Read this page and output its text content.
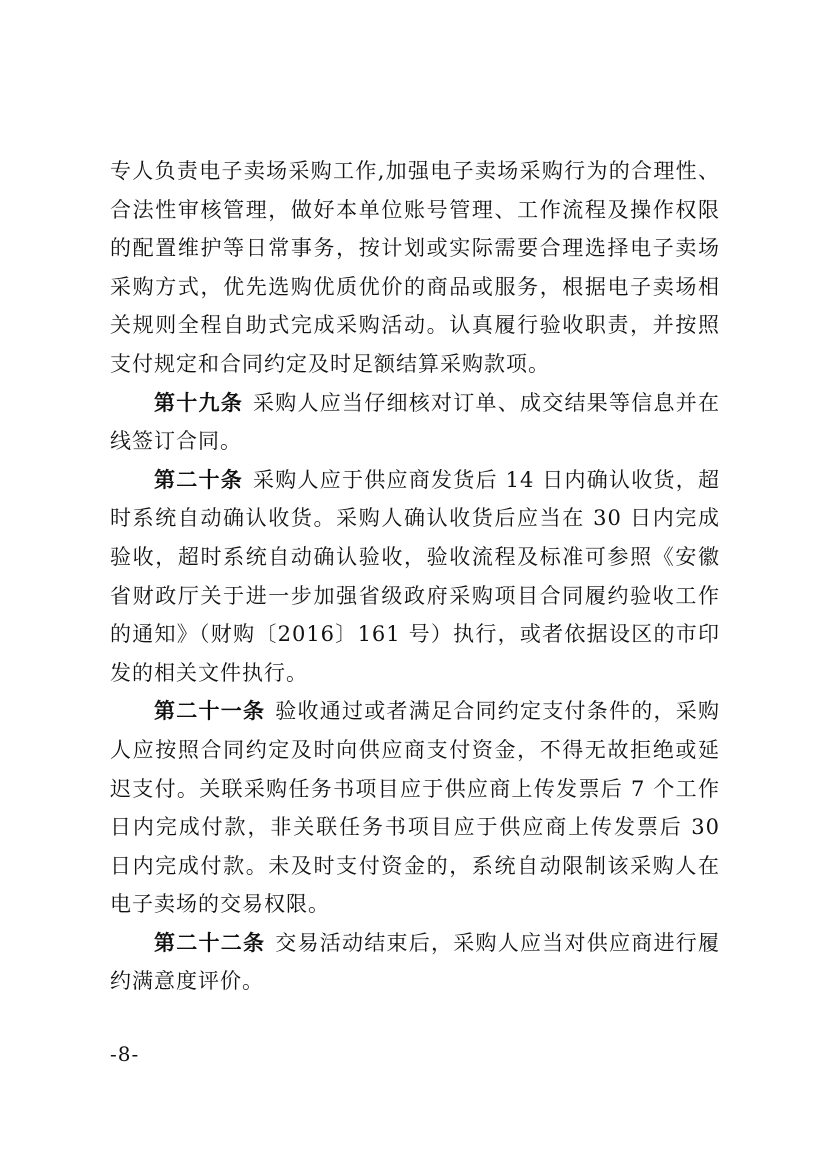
专人负责电子卖场采购工作,加强电子卖场采购行为的合理性、合法性审核管理，做好本单位账号管理、工作流程及操作权限的配置维护等日常事务，按计划或实际需要合理选择电子卖场采购方式，优先选购优质优价的商品或服务，根据电子卖场相关规则全程自助式完成采购活动。认真履行验收职责，并按照支付规定和合同约定及时足额结算采购款项。

第十九条 采购人应当仔细核对订单、成交结果等信息并在线签订合同。

第二十条 采购人应于供应商发货后 14 日内确认收货，超时系统自动确认收货。采购人确认收货后应当在 30 日内完成验收，超时系统自动确认验收，验收流程及标准可参照《安徽省财政厅关于进一步加强省级政府采购项目合同履约验收工作的通知》（财购〔2016〕161 号）执行，或者依据设区的市印发的相关文件执行。

第二十一条 验收通过或者满足合同约定支付条件的，采购人应按照合同约定及时向供应商支付资金，不得无故拒绝或延迟支付。关联采购任务书项目应于供应商上传发票后 7 个工作日内完成付款，非关联任务书项目应于供应商上传发票后 30 日内完成付款。未及时支付资金的，系统自动限制该采购人在电子卖场的交易权限。

第二十二条 交易活动结束后，采购人应当对供应商进行履约满意度评价。

-8-
